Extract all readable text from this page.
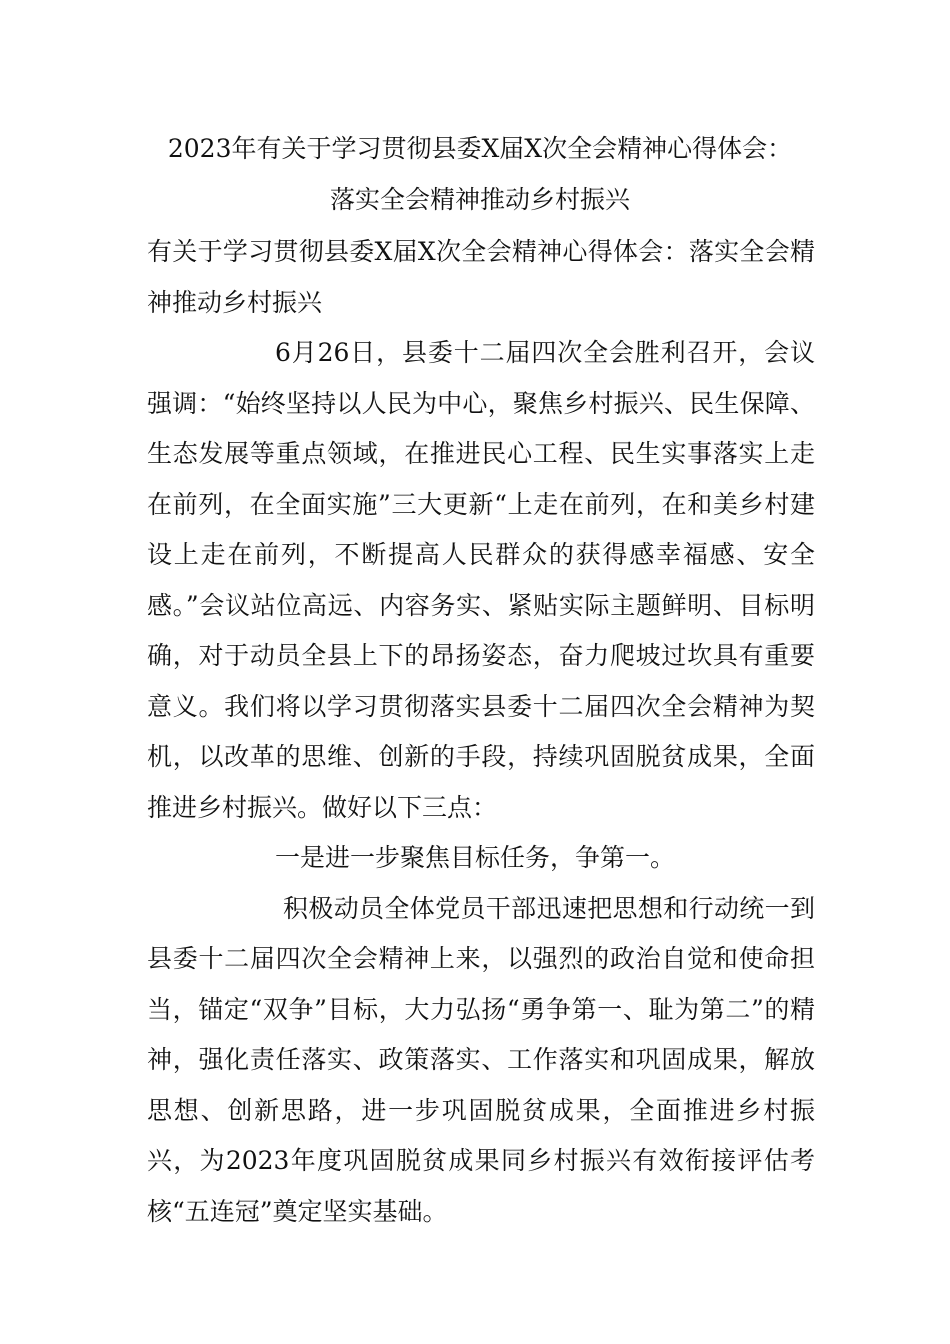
2023年有关于学习贯彻县委X届X次全会精神心得体会：
落实全会精神推动乡村振兴

有关于学习贯彻县委X届X次全会精神心得体会：落实全会精神推动乡村振兴

6月26日，县委十二届四次全会胜利召开，会议强调：“始终坚持以人民为中心，聚焦乡村振兴、民生保障、生态发展等重点领域，在推进民心工程、民生实事落实上走在前列，在全面实施”三大更新“上走在前列，在和美乡村建设上走在前列，不断提高人民群众的获得感幸福感、安全感。”会议站位高远、内容务实、紧贴实际主题鲜明、目标明确，对于动员全县上下的昂扬姿态，奋力爬坡过坎具有重要意义。我们将以学习贯彻落实县委十二届四次全会精神为契机，以改革的思维、创新的手段，持续巩固脱贫成果，全面推进乡村振兴。做好以下三点：

一是进一步聚焦目标任务，争第一。

积极动员全体党员干部迅速把思想和行动统一到县委十二届四次全会精神上来，以强烈的政治自觉和使命担当，锚定“双争”目标，大力弘扬“勇争第一、耻为第二”的精神，强化责任落实、政策落实、工作落实和巩固成果，解放思想、创新思路，进一步巩固脱贫成果，全面推进乡村振兴，为2023年度巩固脱贫成果同乡村振兴有效衔接评估考核“五连冠”奠定坚实基础。
